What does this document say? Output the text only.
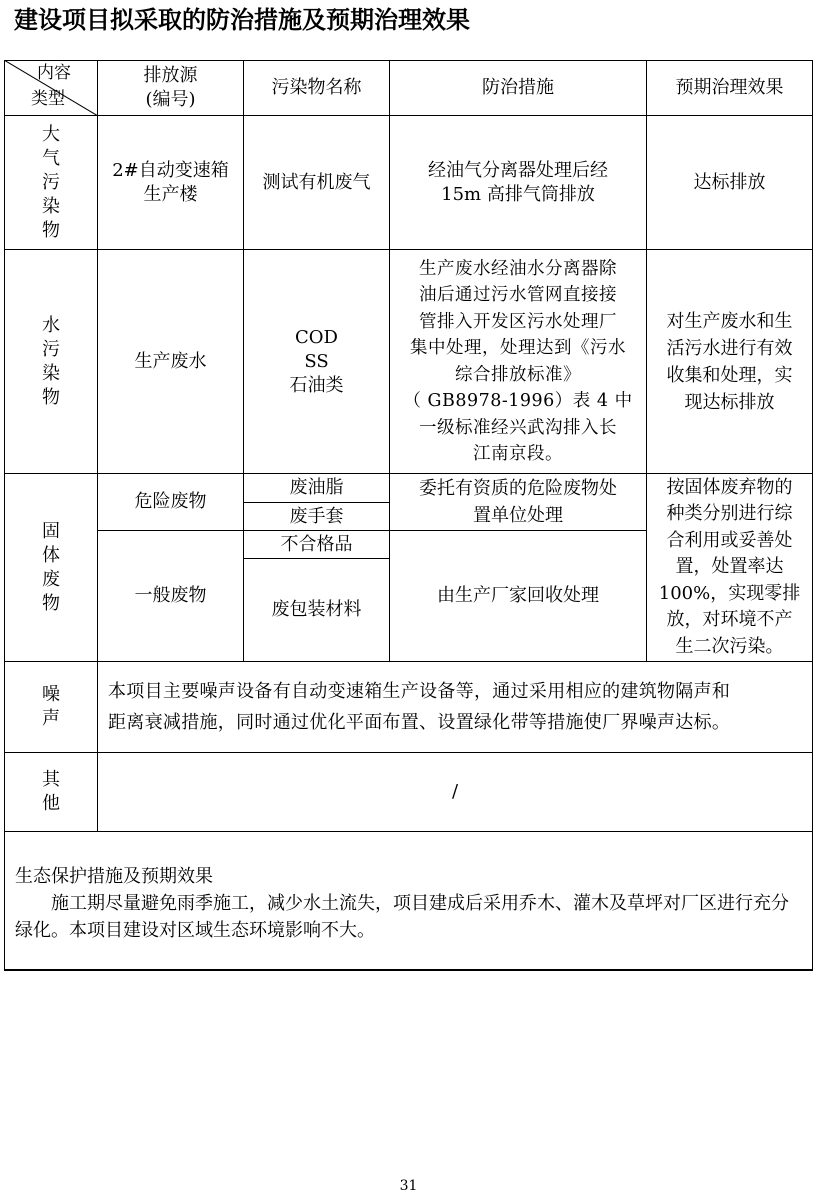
建设项目拟采取的防治措施及预期治理效果
内容
类型
排放源
(编号)
污染物名称	防治措施	预期治理效果
大
气
污
染
物
2#自动变速箱
生产楼
测试有机废气
经油气分离器处理后经
15m 高排气筒排放
达标排放
水
污
染
物
生产废水
COD
SS
石油类
生产废水经油水分离器除
油后通过污水管网直接接
管排入开发区污水处理厂
集中处理，处理达到《污水
综合排放标准》
（ GB8978-1996）表 4 中
一级标准经兴武沟排入长
江南京段。
对生产废水和生
活污水进行有效
收集和处理，实
现达标排放
固
体
废
物
危险废物
废油脂
废手套
委托有资质的危险废物处
置单位处理
一般废物
不合格品
废包装材料
由生产厂家回收处理
按固体废弃物的
种类分别进行综
合利用或妥善处
置，处置率达
100%，实现零排
放，对环境不产
生二次污染。
噪
声
本项目主要噪声设备有自动变速箱生产设备等，通过采用相应的建筑物隔声和
距离衰减措施，同时通过优化平面布置、设置绿化带等措施使厂界噪声达标。
其
他
/
生态保护措施及预期效果
施工期尽量避免雨季施工，减少水土流失，项目建成后采用乔木、灌木及草坪对厂区进行充分绿化。本项目建设对区域生态环境影响不大。
31
